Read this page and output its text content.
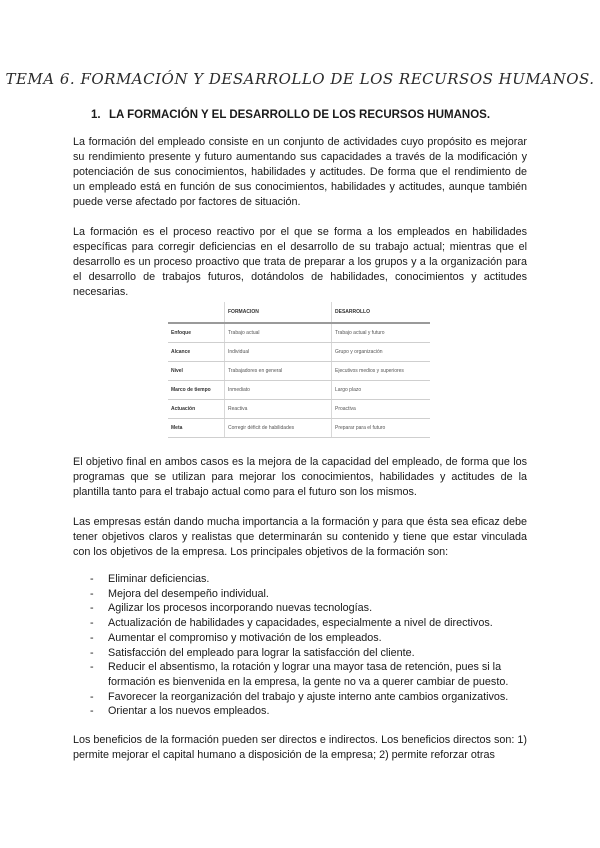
TEMA 6. FORMACIÓN Y DESARROLLO DE LOS RECURSOS HUMANOS.
1. LA FORMACIÓN Y EL DESARROLLO DE LOS RECURSOS HUMANOS.

La formación del empleado consiste en un conjunto de actividades cuyo propósito es mejorar su rendimiento presente y futuro aumentando sus capacidades a través de la modificación y potenciación de sus conocimientos, habilidades y actitudes. De forma que el rendimiento de un empleado está en función de sus conocimientos, habilidades y actitudes, aunque también puede verse afectado por factores de situación.

La formación es el proceso reactivo por el que se forma a los empleados en habilidades específicas para corregir deficiencias en el desarrollo de su trabajo actual; mientras que el desarrollo es un proceso proactivo que trata de preparar a los grupos y a la organización para el desarrollo de trabajos futuros, dotándolos de habilidades, conocimientos y actitudes necesarias.

	FORMACION	DESARROLLO
Enfoque	Trabajo actual	Trabajo actual y futuro
Alcance	Individual	Grupo y organización
Nivel	Trabajadores en general	Ejecutivos medios y superiores
Marco de tiempo	Inmediato	Largo plazo
Actuación	Reactiva	Proactiva
Meta	Corregir déficit de habilidades	Preparar para el futuro

El objetivo final en ambos casos es la mejora de la capacidad del empleado, de forma que los programas que se utilizan para mejorar los conocimientos, habilidades y actitudes de la plantilla tanto para el trabajo actual como para el futuro son los mismos.

Las empresas están dando mucha importancia a la formación y para que ésta sea eficaz debe tener objetivos claros y realistas que determinarán su contenido y tiene que estar vinculada con los objetivos de la empresa. Los principales objetivos de la formación son:

- Eliminar deficiencias.
- Mejora del desempeño individual.
- Agilizar los procesos incorporando nuevas tecnologías.
- Actualización de habilidades y capacidades, especialmente a nivel de directivos.
- Aumentar el compromiso y motivación de los empleados.
- Satisfacción del empleado para lograr la satisfacción del cliente.
- Reducir el absentismo, la rotación y lograr una mayor tasa de retención, pues si la formación es bienvenida en la empresa, la gente no va a querer cambiar de puesto.
- Favorecer la reorganización del trabajo y ajuste interno ante cambios organizativos.
- Orientar a los nuevos empleados.

Los beneficios de la formación pueden ser directos e indirectos. Los beneficios directos son: 1) permite mejorar el capital humano a disposición de la empresa; 2) permite reforzar otras
